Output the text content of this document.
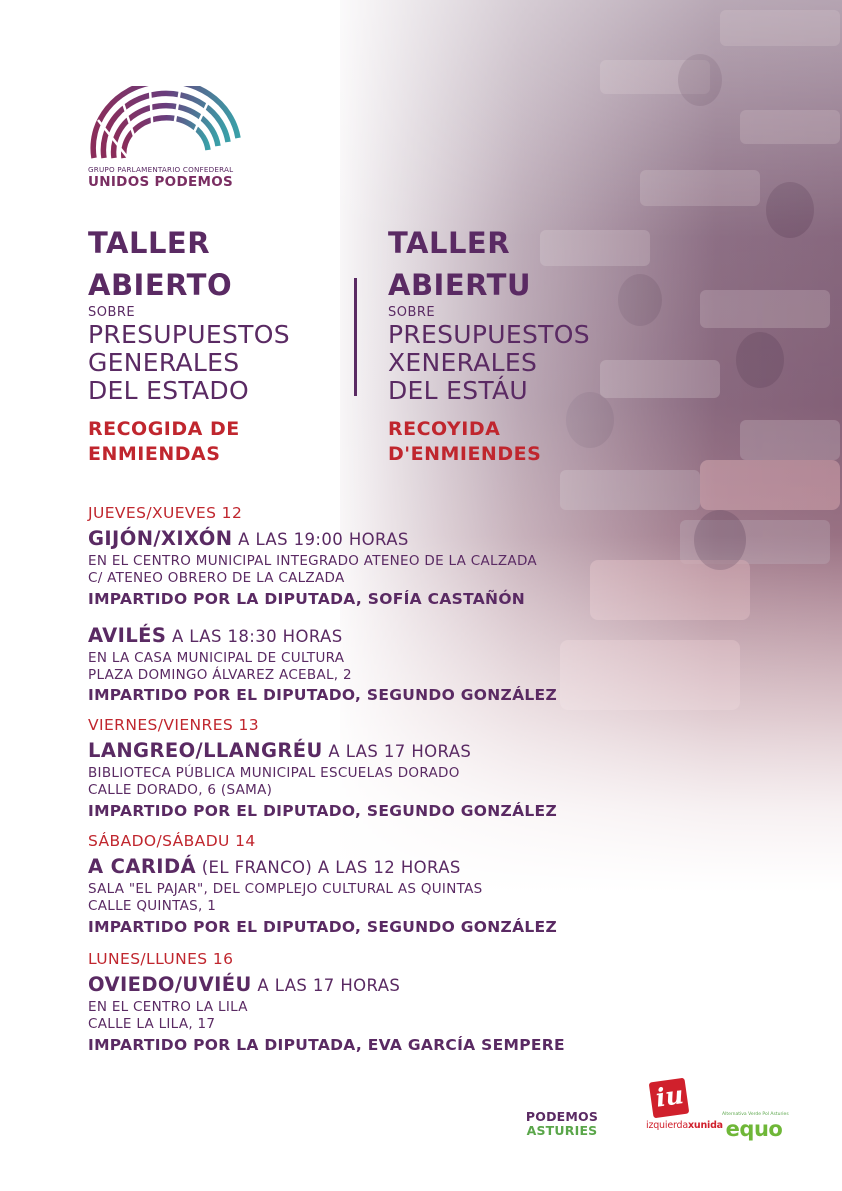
GRUPO PARLAMENTARIO CONFEDERAL
UNIDOS PODEMOS
TALLER
ABIERTO
SOBRE
PRESUPUESTOS
GENERALES
DEL ESTADO
RECOGIDA DE
ENMIENDAS
TALLER
ABIERTU
SOBRE
PRESUPUESTOS
XENERALES
DEL ESTÁU
RECOYIDA
D'ENMIENDES
JUEVES/XUEVES 12
GIJÓN/XIXÓN A LAS 19:00 HORAS
EN EL CENTRO MUNICIPAL INTEGRADO ATENEO DE LA CALZADA
C/ ATENEO OBRERO DE LA CALZADA
IMPARTIDO POR LA DIPUTADA, SOFÍA CASTAÑÓN
AVILÉS A LAS 18:30 HORAS
EN LA CASA MUNICIPAL DE CULTURA
PLAZA DOMINGO ÁLVAREZ ACEBAL, 2
IMPARTIDO POR EL DIPUTADO, SEGUNDO GONZÁLEZ
VIERNES/VIENRES 13
LANGREO/LLANGRÉU A LAS 17 HORAS
BIBLIOTECA PÚBLICA MUNICIPAL ESCUELAS DORADO
CALLE DORADO, 6 (SAMA)
IMPARTIDO POR EL DIPUTADO, SEGUNDO GONZÁLEZ
SÁBADO/SÁBADU 14
A CARIDÁ (EL FRANCO) A LAS 12 HORAS
SALA "EL PAJAR", DEL COMPLEJO CULTURAL AS QUINTAS
CALLE QUINTAS, 1
IMPARTIDO POR EL DIPUTADO, SEGUNDO GONZÁLEZ
LUNES/LLUNES 16
OVIEDO/UVIÉU A LAS 17 HORAS
EN EL CENTRO LA LILA
CALLE LA LILA, 17
IMPARTIDO POR LA DIPUTADA, EVA GARCÍA SEMPERE
PODEMOS
ASTURIES
iu
izquierdaxunida
Alternativa Verde Pol Asturies
equo
